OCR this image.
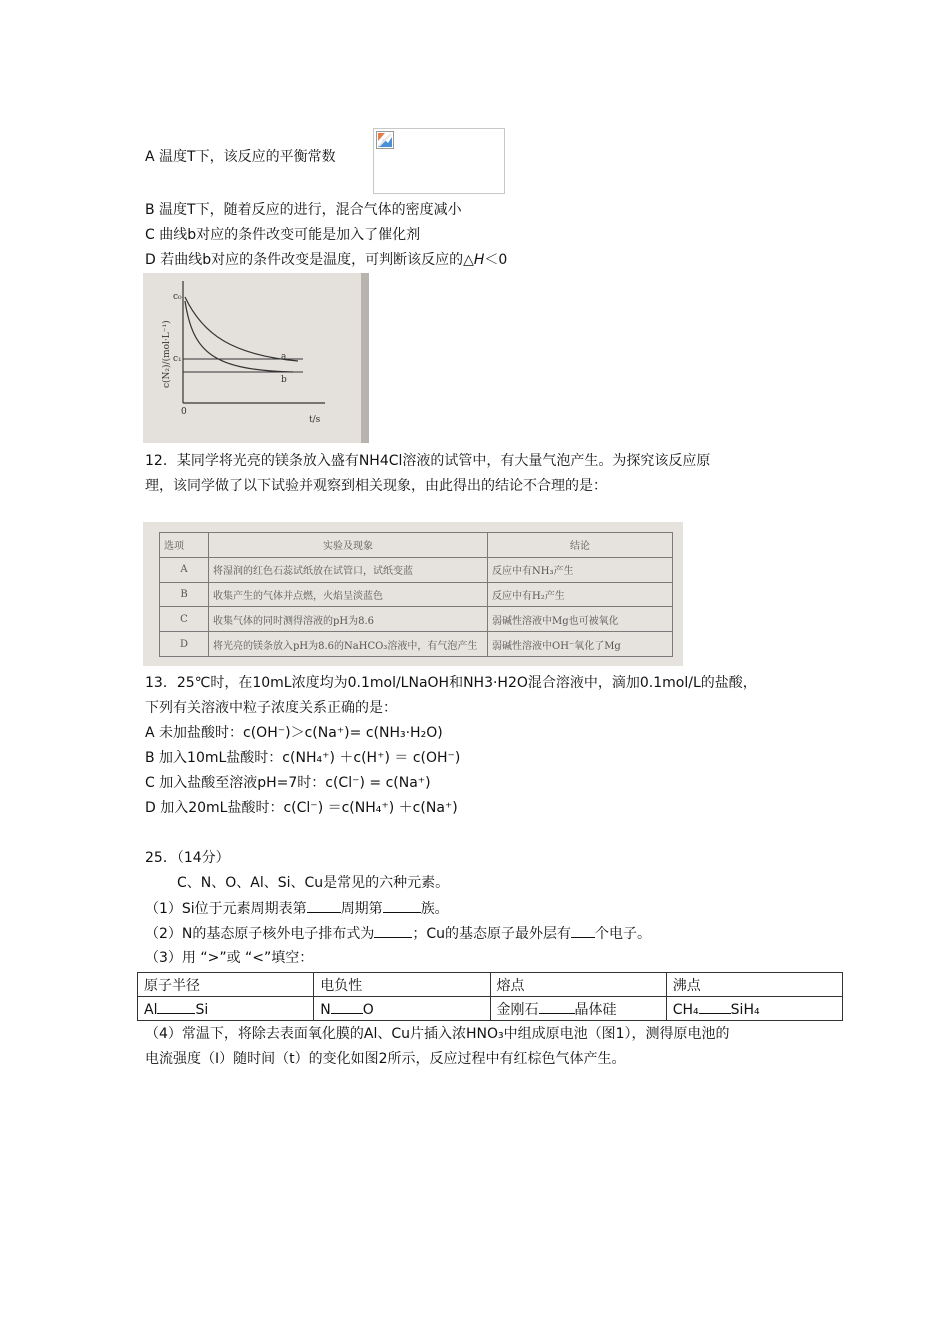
A 温度T下，该反应的平衡常数
B 温度T下，随着反应的进行，混合气体的密度减小
C 曲线b对应的条件改变可能是加入了催化剂
D 若曲线b对应的条件改变是温度，可判断该反应的△H＜0
c₀
c₁	a
b
0
t/s
c(N₂)/(mol·L⁻¹)
12．某同学将光亮的镁条放入盛有NH4Cl溶液的试管中，有大量气泡产生。为探究该反应原
理，该同学做了以下试验并观察到相关现象，由此得出的结论不合理的是：
选项	实验及现象	结论
A	将湿润的红色石蕊试纸放在试管口，试纸变蓝	反应中有NH₃产生
B	收集产生的气体并点燃，火焰呈淡蓝色	反应中有H₂产生
C	收集气体的同时测得溶液的pH为8.6	弱碱性溶液中Mg也可被氧化
D	将光亮的镁条放入pH为8.6的NaHCO₃溶液中，有气泡产生	弱碱性溶液中OH⁻氧化了Mg
13．25℃时，在10mL浓度均为0.1mol/LNaOH和NH3·H2O混合溶液中，滴加0.1mol/L的盐酸，
下列有关溶液中粒子浓度关系正确的是：
A 未加盐酸时：c(OH⁻)＞c(Na⁺)= c(NH₃·H₂O)
B 加入10mL盐酸时：c(NH₄⁺) ＋c(H⁺) ＝ c(OH⁻)
C 加入盐酸至溶液pH=7时：c(Cl⁻) = c(Na⁺)
D 加入20mL盐酸时：c(Cl⁻) ＝c(NH₄⁺) ＋c(Na⁺)
25．（14分）
C、N、O、Al、Si、Cu是常见的六种元素。
（1）Si位于元素周期表第 周期第	族。
（2）N的基态原子核外电子排布式为	；Cu的基态原子最外层有 个电子。
（3）用 “>”或 “<”填空：
原子半径	电负性	熔点	沸点
Al Si	N O	金刚石 晶体硅	CH₄ SiH₄
（4）常温下，将除去表面氧化膜的Al、Cu片插入浓HNO₃中组成原电池（图1），测得原电池的
电流强度（I）随时间（t）的变化如图2所示，反应过程中有红棕色气体产生。
